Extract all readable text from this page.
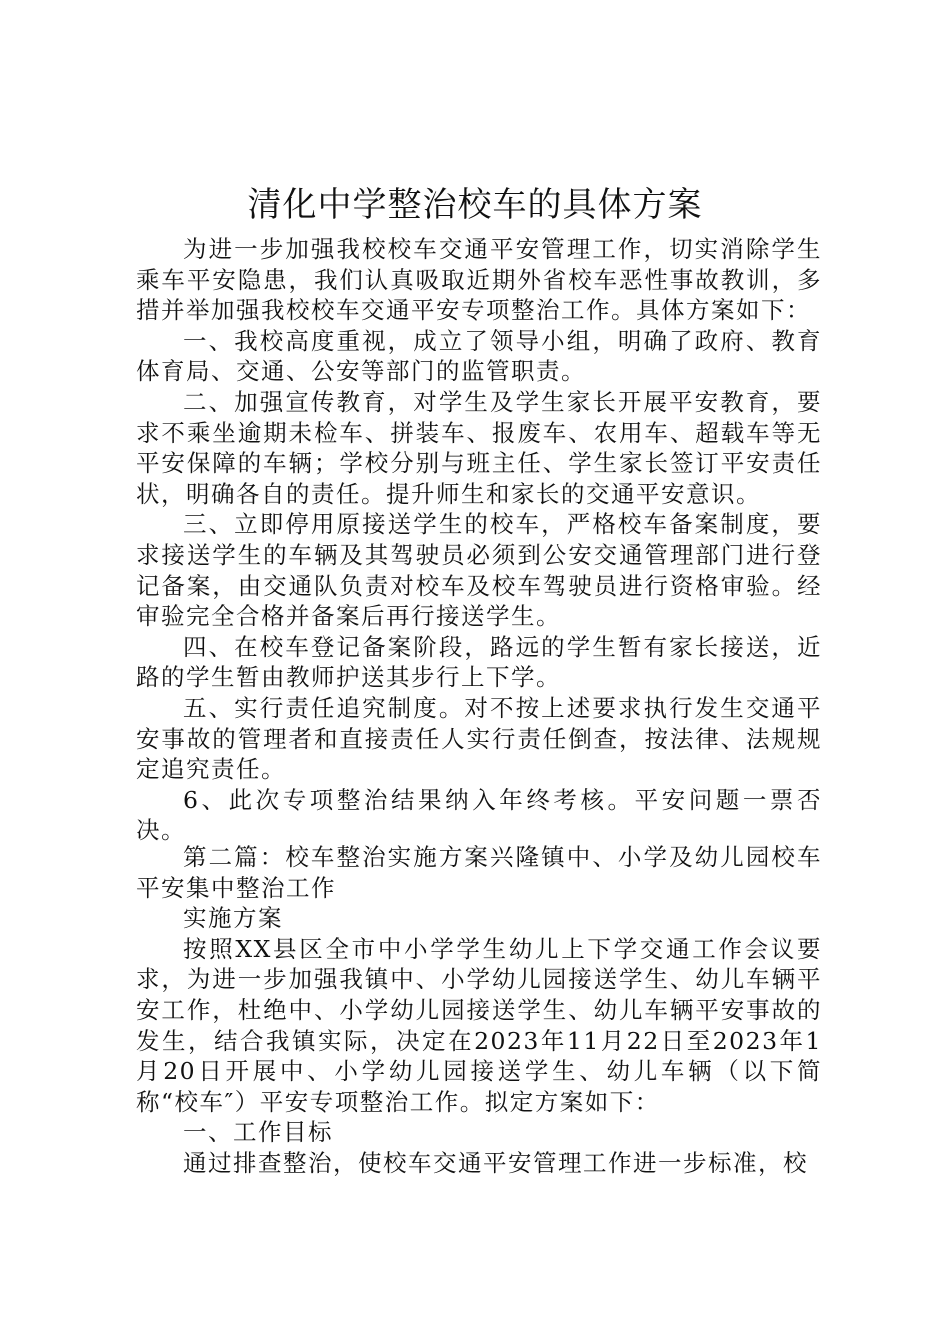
清化中学整治校车的具体方案

为进一步加强我校校车交通平安管理工作，切实消除学生乘车平安隐患，我们认真吸取近期外省校车恶性事故教训，多措并举加强我校校车交通平安专项整治工作。具体方案如下：

一、我校高度重视，成立了领导小组，明确了政府、教育体育局、交通、公安等部门的监管职责。

二、加强宣传教育，对学生及学生家长开展平安教育，要求不乘坐逾期未检车、拼装车、报废车、农用车、超载车等无平安保障的车辆；学校分别与班主任、学生家长签订平安责任状，明确各自的责任。提升师生和家长的交通平安意识。

三、立即停用原接送学生的校车，严格校车备案制度，要求接送学生的车辆及其驾驶员必须到公安交通管理部门进行登记备案，由交通队负责对校车及校车驾驶员进行资格审验。经审验完全合格并备案后再行接送学生。

四、在校车登记备案阶段，路远的学生暂有家长接送，近路的学生暂由教师护送其步行上下学。

五、实行责任追究制度。对不按上述要求执行发生交通平安事故的管理者和直接责任人实行责任倒查，按法律、法规规定追究责任。

6、此次专项整治结果纳入年终考核。平安问题一票否决。

第二篇：校车整治实施方案兴隆镇中、小学及幼儿园校车平安集中整治工作

实施方案

按照XX县区全市中小学学生幼儿上下学交通工作会议要求，为进一步加强我镇中、小学幼儿园接送学生、幼儿车辆平安工作，杜绝中、小学幼儿园接送学生、幼儿车辆平安事故的发生，结合我镇实际，决定在2023年11月22日至2023年1月20日开展中、小学幼儿园接送学生、幼儿车辆（以下简称“校车″）平安专项整治工作。拟定方案如下：

一、工作目标

通过排查整治，使校车交通平安管理工作进一步标准，校
